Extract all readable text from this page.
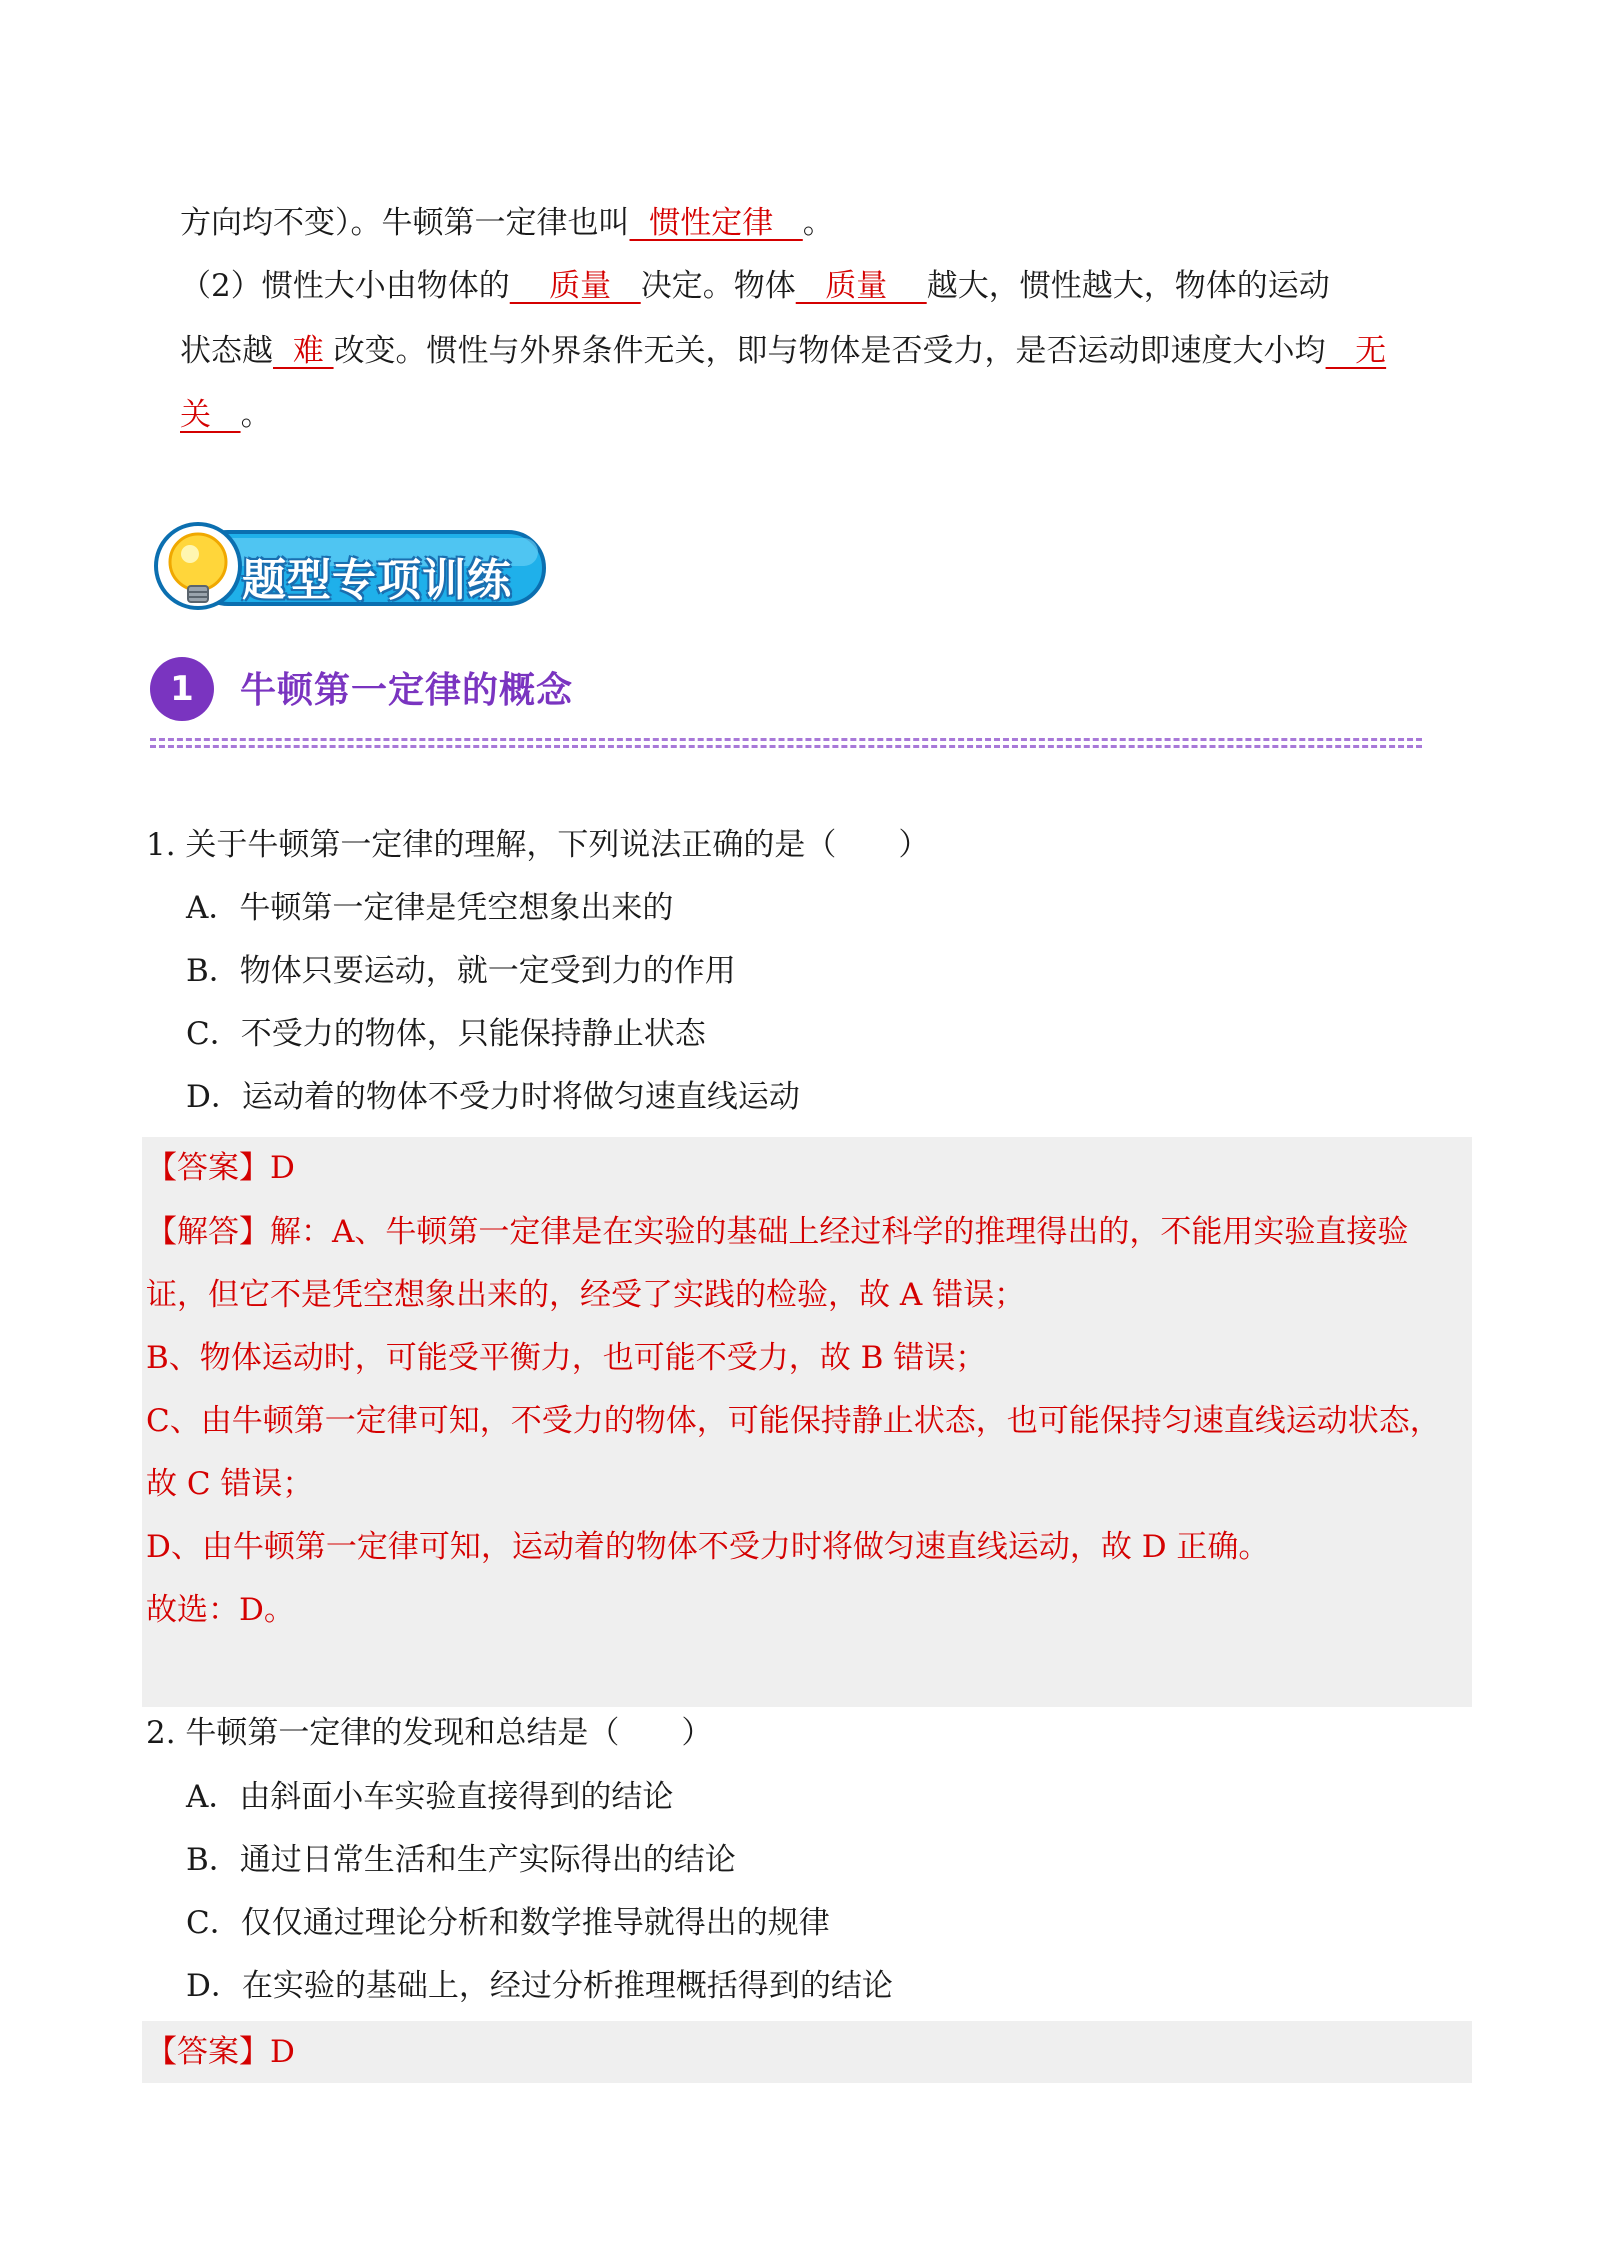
方向均不变）。牛顿第一定律也叫  惯性定律   。
（2）惯性大小由物体的    质量   决定。物体   质量    越大，惯性越大，物体的运动
状态越  难 改变。惯性与外界条件无关，即与物体是否受力，是否运动即速度大小均   无
关   。
题型专项训练
1	牛顿第一定律的概念
1. 关于牛顿第一定律的理解，下列说法正确的是（　　）
A．牛顿第一定律是凭空想象出来的
B．物体只要运动，就一定受到力的作用
C．不受力的物体，只能保持静止状态
D．运动着的物体不受力时将做匀速直线运动
【答案】D
【解答】解：A、牛顿第一定律是在实验的基础上经过科学的推理得出的，不能用实验直接验
证，但它不是凭空想象出来的，经受了实践的检验，故 A 错误；
B、物体运动时，可能受平衡力，也可能不受力，故 B 错误；
C、由牛顿第一定律可知，不受力的物体，可能保持静止状态，也可能保持匀速直线运动状态，
故 C 错误；
D、由牛顿第一定律可知，运动着的物体不受力时将做匀速直线运动，故 D 正确。
故选：D。
2. 牛顿第一定律的发现和总结是（　　）
A．由斜面小车实验直接得到的结论
B．通过日常生活和生产实际得出的结论
C．仅仅通过理论分析和数学推导就得出的规律
D．在实验的基础上，经过分析推理概括得到的结论
【答案】D
